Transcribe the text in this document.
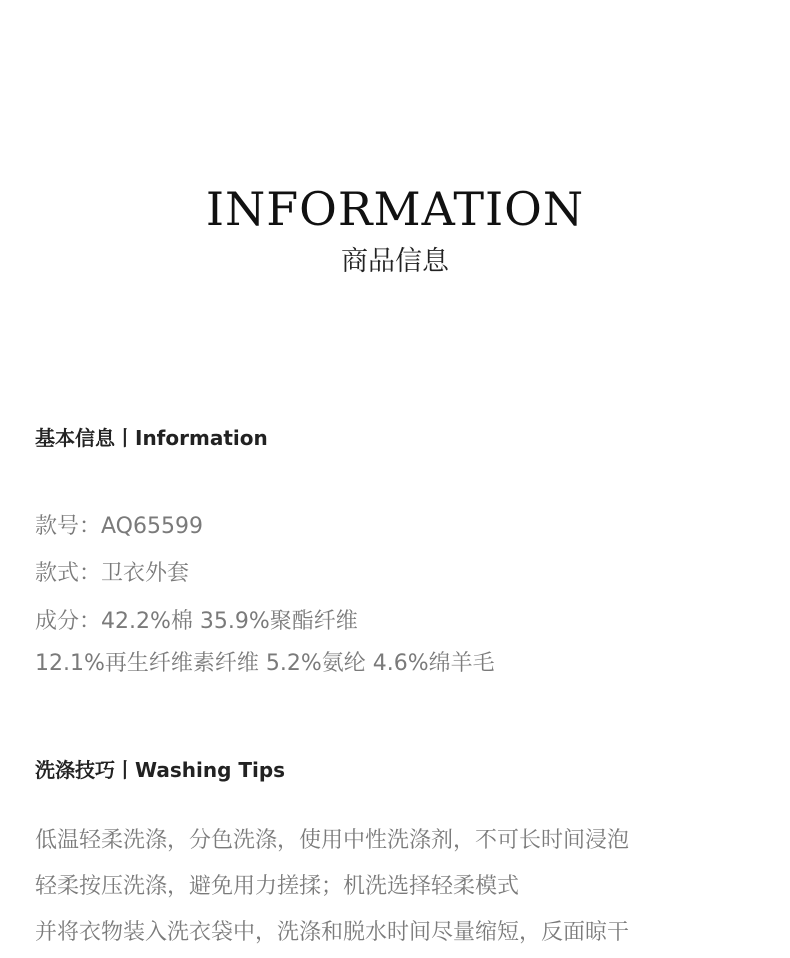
INFORMATION
商品信息
基本信息丨Information
款号：AQ65599
款式：卫衣外套
成分：42.2%棉 35.9%聚酯纤维
12.1%再生纤维素纤维 5.2%氨纶 4.6%绵羊毛
洗涤技巧丨Washing Tips
低温轻柔洗涤，分色洗涤，使用中性洗涤剂，不可长时间浸泡
轻柔按压洗涤，避免用力搓揉；机洗选择轻柔模式
并将衣物装入洗衣袋中，洗涤和脱水时间尽量缩短，反面晾干
